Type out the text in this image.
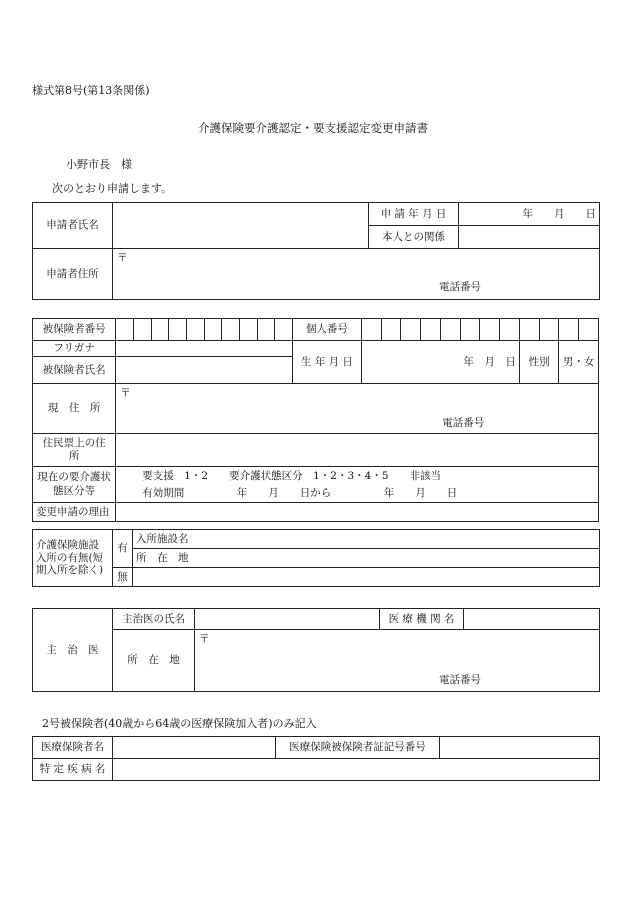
様式第8号(第13条関係)
介護保険要介護認定・要支援認定変更申請書
小野市長　様
次のとおり申請します。
申請者氏名		申 請 年 月 日	年　　月　　日
		本人との関係	
申請者住所	〒
電話番号		
被保険者番号											個人番号												
フリガナ											生 年 月 日	年　月　日								性別		男・女	
被保険者氏名																							
現　住　所	〒
電話番号																						

住民票上の住　　所																							
現在の要介護状態区分等	要支援　1・2　　要介護状態区分　1・2・3・4・5　　非該当
有効期間　　　　　年　　月　　日から　　　　　年　　月　　日																						

変更申請の理由																							
介護保険施設入所の有無(短期入所を除く)	有	入所施設名
		所　在　地
	無	
主　治　医	主治医の氏名		医 療 機 関 名	
	所　在　地	〒
電話番号		
2号被保険者(40歳から64歳の医療保険加入者)のみ記入
医療保険者名		医療保険被保険者証記号番号	
特 定 疾 病 名			
